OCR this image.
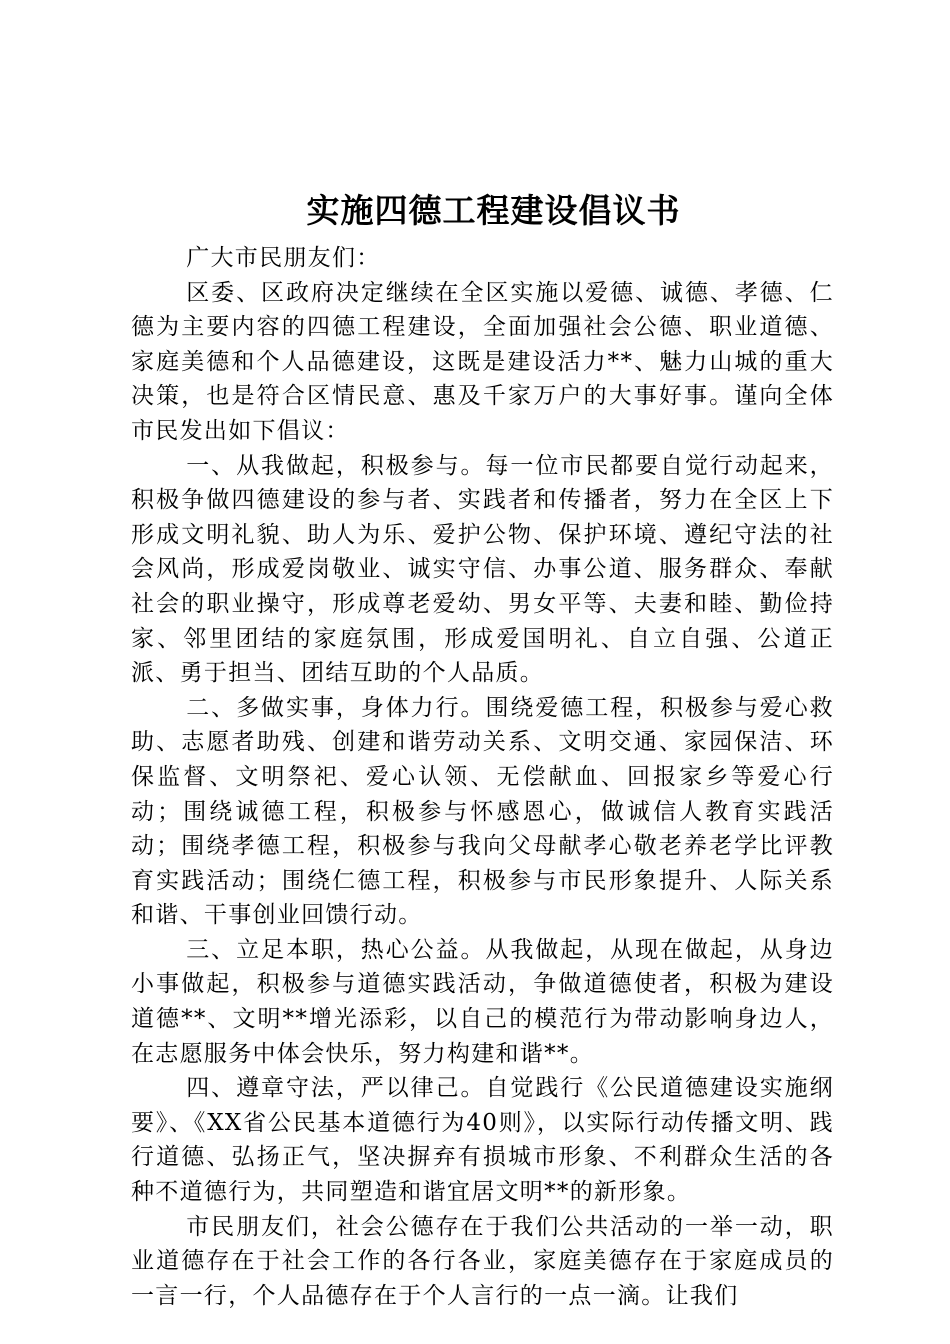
实施四德工程建设倡议书

广大市民朋友们：

区委、区政府决定继续在全区实施以爱德、诚德、孝德、仁德为主要内容的四德工程建设，全面加强社会公德、职业道德、家庭美德和个人品德建设，这既是建设活力**、魅力山城的重大决策，也是符合区情民意、惠及千家万户的大事好事。谨向全体市民发出如下倡议：

一、从我做起，积极参与。每一位市民都要自觉行动起来，积极争做四德建设的参与者、实践者和传播者，努力在全区上下形成文明礼貌、助人为乐、爱护公物、保护环境、遵纪守法的社会风尚，形成爱岗敬业、诚实守信、办事公道、服务群众、奉献社会的职业操守，形成尊老爱幼、男女平等、夫妻和睦、勤俭持家、邻里团结的家庭氛围，形成爱国明礼、自立自强、公道正派、勇于担当、团结互助的个人品质。

二、多做实事，身体力行。围绕爱德工程，积极参与爱心救助、志愿者助残、创建和谐劳动关系、文明交通、家园保洁、环保监督、文明祭祀、爱心认领、无偿献血、回报家乡等爱心行动；围绕诚德工程，积极参与怀感恩心，做诚信人教育实践活动；围绕孝德工程，积极参与我向父母献孝心敬老养老学比评教育实践活动；围绕仁德工程，积极参与市民形象提升、人际关系和谐、干事创业回馈行动。

三、立足本职，热心公益。从我做起，从现在做起，从身边小事做起，积极参与道德实践活动，争做道德使者，积极为建设道德**、文明**增光添彩，以自己的模范行为带动影响身边人，在志愿服务中体会快乐，努力构建和谐**。

四、遵章守法，严以律己。自觉践行《公民道德建设实施纲要》、《XX省公民基本道德行为40则》，以实际行动传播文明、践行道德、弘扬正气，坚决摒弃有损城市形象、不利群众生活的各种不道德行为，共同塑造和谐宜居文明**的新形象。

市民朋友们，社会公德存在于我们公共活动的一举一动，职业道德存在于社会工作的各行各业，家庭美德存在于家庭成员的一言一行，个人品德存在于个人言行的一点一滴。让我们
